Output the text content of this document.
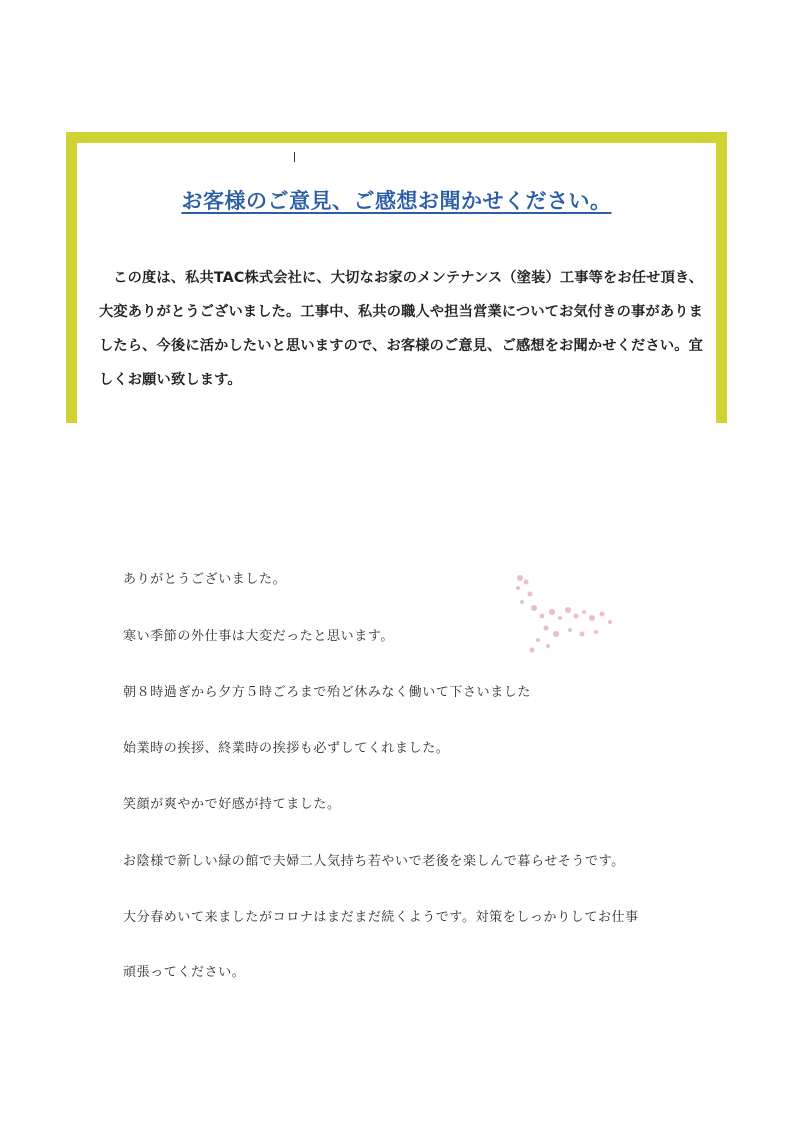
お客様のご意見、ご感想お聞かせください。
この度は、私共TAC株式会社に、大切なお家のメンテナンス（塗装）工事等をお任せ頂き、大変ありがとうございました。工事中、私共の職人や担当営業についてお気付きの事がありましたら、今後に活かしたいと思いますので、お客様のご意見、ご感想をお聞かせください。宜しくお願い致します。
ありがとうございました。
寒い季節の外仕事は大変だったと思います。
朝８時過ぎから夕方５時ごろまで殆ど休みなく働いて下さいました
始業時の挨拶、終業時の挨拶も必ずしてくれました。
笑顔が爽やかで好感が持てました。
お陰様で新しい緑の館で夫婦二人気持ち若やいで老後を楽しんで暮らせそうです。
大分春めいて来ましたがコロナはまだまだ続くようです。対策をしっかりしてお仕事
頑張ってください。
